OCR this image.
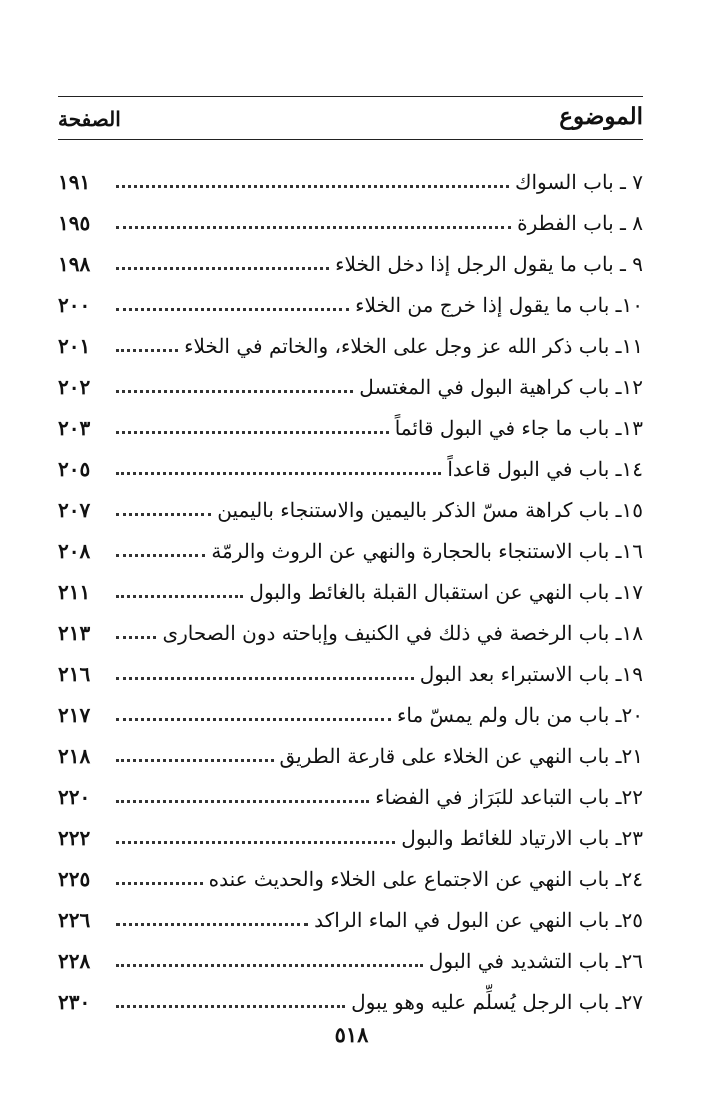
الموضوع
الصفحة
٧ ـ باب السواك
١٩١
٨ ـ باب الفطرة
١٩٥
٩ ـ باب ما يقول الرجل إذا دخل الخلاء
١٩٨
١٠ـ باب ما يقول إذا خرج من الخلاء
٢٠٠
١١ـ باب ذكر الله عز وجل على الخلاء، والخاتم في الخلاء
٢٠١
١٢ـ باب كراهية البول في المغتسل
٢٠٢
١٣ـ باب ما جاء في البول قائماً
٢٠٣
١٤ـ باب في البول قاعداً
٢٠٥
١٥ـ باب كراهة مسّ الذكر باليمين والاستنجاء باليمين
٢٠٧
١٦ـ باب الاستنجاء بالحجارة والنهي عن الروث والرمّة
٢٠٨
١٧ـ باب النهي عن استقبال القبلة بالغائط والبول
٢١١
١٨ـ باب الرخصة في ذلك في الكنيف وإباحته دون الصحارى
٢١٣
١٩ـ باب الاستبراء بعد البول
٢١٦
٢٠ـ باب من بال ولم يمسّ ماء
٢١٧
٢١ـ باب النهي عن الخلاء على قارعة الطريق
٢١٨
٢٢ـ باب التباعد للبَرَاز في الفضاء
٢٢٠
٢٣ـ باب الارتياد للغائط والبول
٢٢٢
٢٤ـ باب النهي عن الاجتماع على الخلاء والحديث عنده
٢٢٥
٢٥ـ باب النهي عن البول في الماء الراكد
٢٢٦
٢٦ـ باب التشديد في البول
٢٢٨
٢٧ـ باب الرجل يُسلِّم عليه وهو يبول
٢٣٠
٥١٨
